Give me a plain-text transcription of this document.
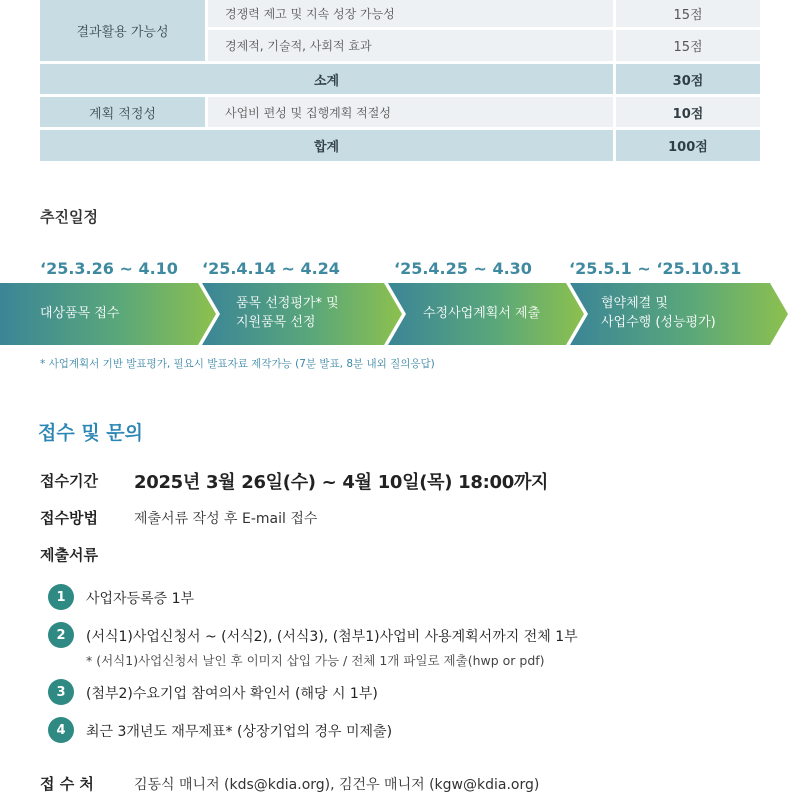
결과활용 가능성
경쟁력 제고 및 지속 성장 가능성	15점
경제적, 기술적, 사회적 효과	15점
소계	30점
계획 적정성	사업비 편성 및 집행계획 적절성	10점
합계	100점
추진일정
‘25.3.26 ~ 4.10 ‘25.4.14 ~ 4.24	‘25.4.25 ~ 4.30 ‘25.5.1 ~ ‘25.10.31
대상품목 접수
품목 선정평가* 및
지원품목 선정
수정사업계획서 제출
협약체결 및
사업수행 (성능평가)
* 사업계획서 기반 발표평가, 필요시 발표자료 제작가능 (7분 발표, 8분 내외 질의응답)
접수 및 문의
접수기간 2025년 3월 26일(수) ~ 4월 10일(목) 18:00까지
접수방법	제출서류 작성 후 E-mail 접수
제출서류
1	사업자등록증 1부
2	(서식1)사업신청서 ~ (서식2), (서식3), (첨부1)사업비 사용계획서까지 전체 1부
* (서식1)사업신청서 날인 후 이미지 삽입 가능 / 전체 1개 파일로 제출(hwp or pdf)
3	(첨부2)수요기업 참여의사 확인서 (해당 시 1부)
4	최근 3개년도 재무제표* (상장기업의 경우 미제출)
접 수 처	김동식 매니저 (kds@kdia.org), 김건우 매니저 (kgw@kdia.org)
